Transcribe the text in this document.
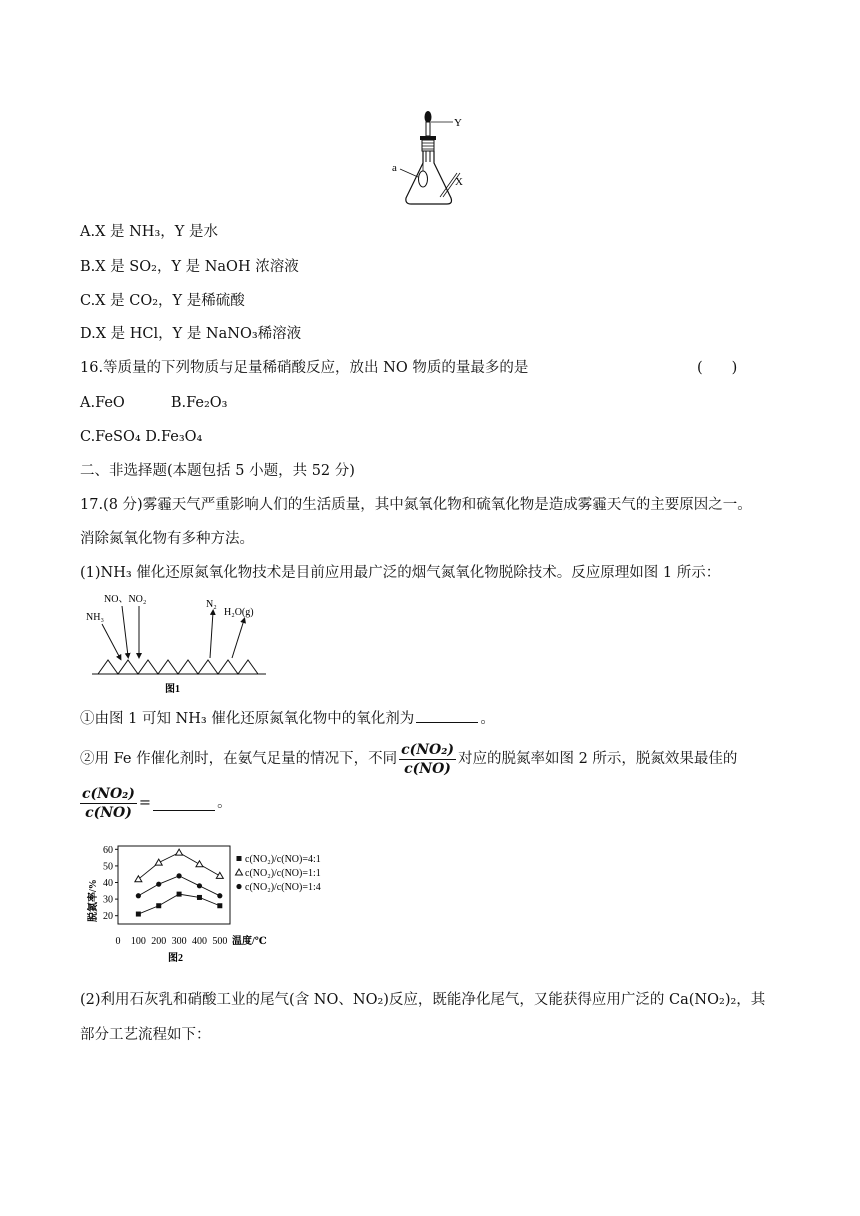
Y
a
X
A.X 是 NH₃，Y 是水
B.X 是 SO₂，Y 是 NaOH 浓溶液
C.X 是 CO₂，Y 是稀硫酸
D.X 是 HCl，Y 是 NaNO₃稀溶液
16.等质量的下列物质与足量稀硝酸反应，放出 NO 物质的量最多的是	(　　)
A.FeO	B.Fe₂O₃
C.FeSO₄ D.Fe₃O₄
二、非选择题(本题包括 5 小题，共 52 分)
17.(8 分)雾霾天气严重影响人们的生活质量，其中氮氧化物和硫氧化物是造成雾霾天气的主要原因之一。
消除氮氧化物有多种方法。
(1)NH₃ 催化还原氮氧化物技术是目前应用最广泛的烟气氮氧化物脱除技术。反应原理如图 1 所示：
NH₃
NO、NO₂	N₂
H₂O(g)
图1
①由图 1 可知 NH₃ 催化还原氮氧化物中的氧化剂为	。
②用 Fe 作催化剂时，在氨气足量的情况下，不同 $\frac{\text{c(NO₂)}}{c(NO)}$ 对应的脱氮率如图 2 所示，脱氮效果最佳的
$\frac{\text{c(NO₂)}}{c(NO)}$ =	。
20
30
40
50
60
0 100 200 300 400 500 温度/℃
脱氮率/%
c(NO₂)/c(NO)=4:1
c(NO₂)/c(NO)=1:1
c(NO₂)/c(NO)=1:4
图2
(2)利用石灰乳和硝酸工业的尾气(含 NO、NO₂)反应，既能净化尾气，又能获得应用广泛的 Ca(NO₂)₂，其
部分工艺流程如下：
